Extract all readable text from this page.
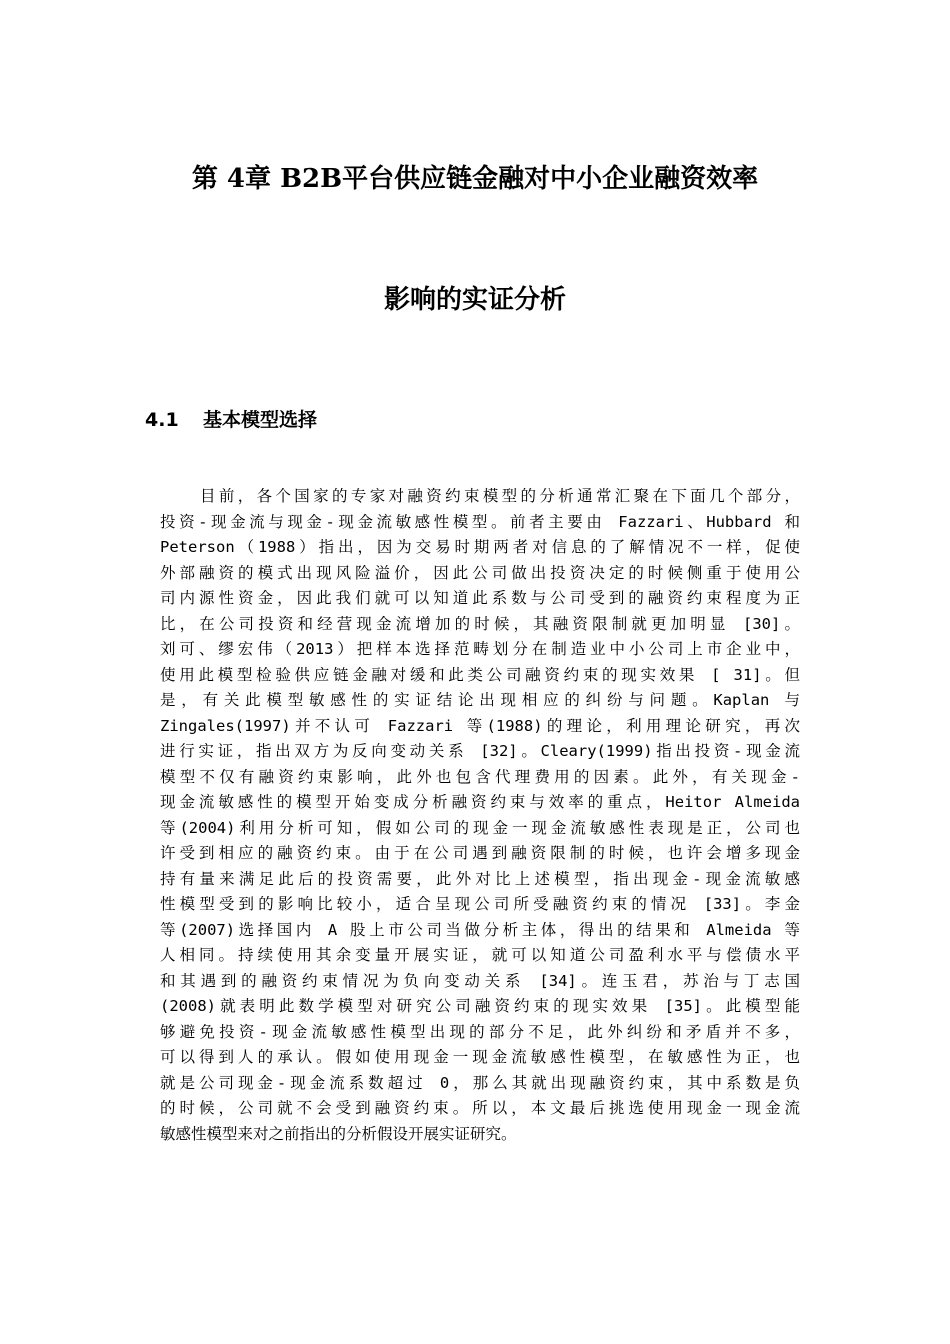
第 4章 B2B平台供应链金融对中小企业融资效率
影响的实证分析
4.1 基本模型选择
目前，各个国家的专家对融资约束模型的分析通常汇聚在下面几个部分，
投资-现金流与现金-现金流敏感性模型。前者主要由 Fazzari、Hubbard 和
Peterson（1988）指出，因为交易时期两者对信息的了解情况不一样，促使
外部融资的模式出现风险溢价，因此公司做出投资决定的时候侧重于使用公
司内源性资金，因此我们就可以知道此系数与公司受到的融资约束程度为正
比，在公司投资和经营现金流增加的时候，其融资限制就更加明显 [30]。
刘可、缪宏伟（2013）把样本选择范畴划分在制造业中小公司上市企业中，
使用此模型检验供应链金融对缓和此类公司融资约束的现实效果 [ 31]。但
是，有关此模型敏感性的实证结论出现相应的纠纷与问题。Kaplan 与
Zingales(1997)并不认可 Fazzari 等(1988)的理论，利用理论研究，再次
进行实证，指出双方为反向变动关系 [32]。Cleary(1999)指出投资-现金流
模型不仅有融资约束影响，此外也包含代理费用的因素。此外，有关现金-
现金流敏感性的模型开始变成分析融资约束与效率的重点，Heitor Almeida
等(2004)利用分析可知，假如公司的现金一现金流敏感性表现是正，公司也
许受到相应的融资约束。由于在公司遇到融资限制的时候，也许会增多现金
持有量来满足此后的投资需要，此外对比上述模型，指出现金-现金流敏感
性模型受到的影响比较小，适合呈现公司所受融资约束的情况 [33]。李金
等(2007)选择国内 A 股上市公司当做分析主体，得出的结果和 Almeida 等
人相同。持续使用其余变量开展实证，就可以知道公司盈利水平与偿债水平
和其遇到的融资约束情况为负向变动关系 [34]。连玉君，苏治与丁志国
(2008)就表明此数学模型对研究公司融资约束的现实效果 [35]。此模型能
够避免投资-现金流敏感性模型出现的部分不足，此外纠纷和矛盾并不多，
可以得到人的承认。假如使用现金一现金流敏感性模型，在敏感性为正，也
就是公司现金-现金流系数超过 0，那么其就出现融资约束，其中系数是负
的时候，公司就不会受到融资约束。所以，本文最后挑选使用现金一现金流
敏感性模型来对之前指出的分析假设开展实证研究。
